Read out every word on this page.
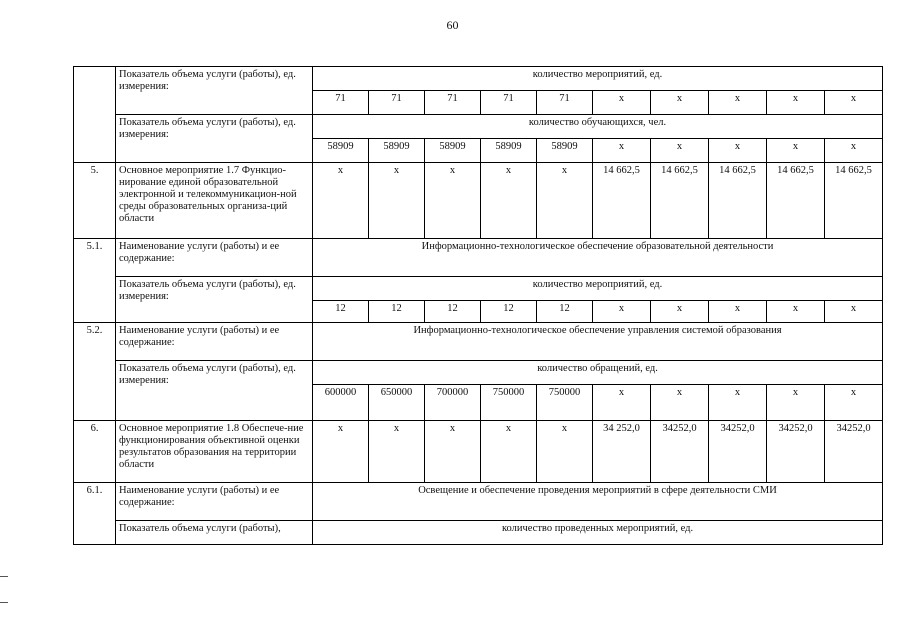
60
	Показатель объема услуги (работы), ед. измерения:	количество мероприятий, ед.									
		71	71	71	71	71	х	х	х	х	х
	Показатель объема услуги (работы), ед. измерения:	количество обучающихся, чел.									
		58909	58909	58909	58909	58909	х	х	х	х	х
5.	Основное мероприятие 1.7 Функцио-нирование единой образовательной электронной и телекоммуникацион-ной среды образовательных организа-ций области	х	х	х	х	х	14 662,5	14 662,5	14 662,5	14 662,5	14 662,5
5.1.	Наименование услуги (работы) и ее содержание:	Информационно-технологическое обеспечение образовательной деятельности									
	Показатель объема услуги (работы), ед. измерения:	количество мероприятий, ед.									
		12	12	12	12	12	х	х	х	х	х
5.2.	Наименование услуги (работы) и ее содержание:	Информационно-технологическое обеспечение управления системой образования									
	Показатель объема услуги (работы), ед. измерения:	количество обращений, ед.									
		600000	650000	700000	750000	750000	х	х	х	х	х
6.	Основное мероприятие 1.8 Обеспече-ние функционирования объективной оценки результатов образования на территории области	х	х	х	х	х	34 252,0	34252,0	34252,0	34252,0	34252,0
6.1.	Наименование услуги (работы) и ее содержание:	Освещение и обеспечение проведения мероприятий в сфере деятельности СМИ									
	Показатель объема услуги (работы),	количество проведенных мероприятий, ед.									
